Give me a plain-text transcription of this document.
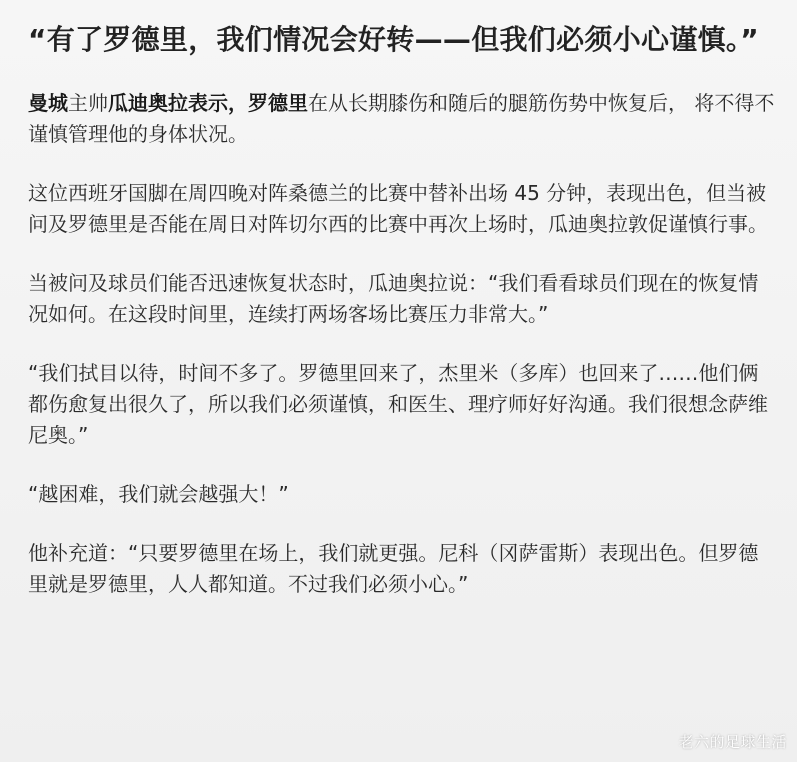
“有了罗德里，我们情况会好转——但我们必须小心谨慎。”

曼城主帅瓜迪奥拉表示，罗德里在从长期膝伤和随后的腿筋伤势中恢复后， 将不得不谨慎管理他的身体状况。

这位西班牙国脚在周四晚对阵桑德兰的比赛中替补出场 45 分钟，表现出色，但当被问及罗德里是否能在周日对阵切尔西的比赛中再次上场时，瓜迪奥拉敦促谨慎行事。

当被问及球员们能否迅速恢复状态时，瓜迪奥拉说：“我们看看球员们现在的恢复情况如何。在这段时间里，连续打两场客场比赛压力非常大。”

“我们拭目以待，时间不多了。罗德里回来了，杰里米（多库）也回来了……他们俩都伤愈复出很久了，所以我们必须谨慎，和医生、理疗师好好沟通。我们很想念萨维尼奥。”

“越困难，我们就会越强大！”

他补充道：“只要罗德里在场上，我们就更强。尼科（冈萨雷斯）表现出色。但罗德里就是罗德里，人人都知道。不过我们必须小心。”

老六的足球生活
